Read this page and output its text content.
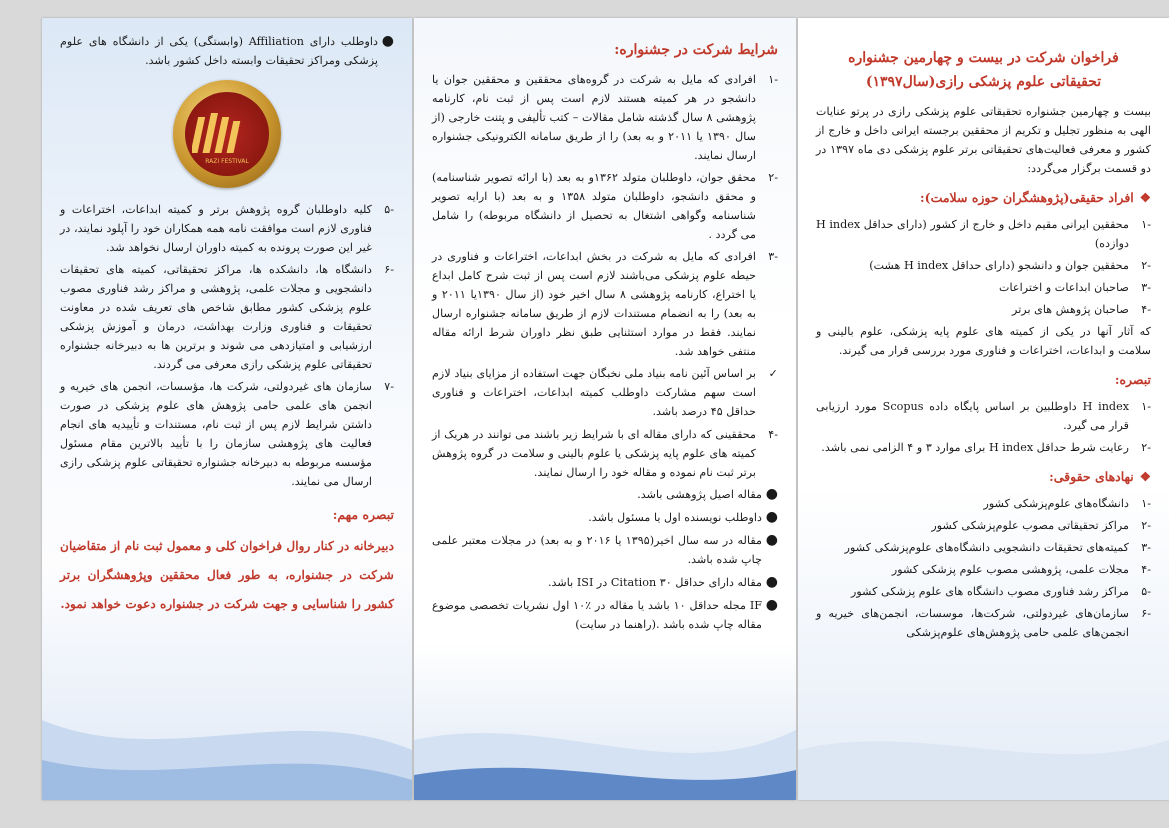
●
داوطلب دارای Affiliation (وابستگی) یکی از دانشگاه های علوم پزشکی ومراکز تحقیقات وابسته داخل کشور باشد.
RAZI FESTIVAL
-۵
کلیه داوطلبان گروه پژوهش برتر و کمیته ابداعات، اختراعات و فناوری لازم است موافقت نامه همه همکاران خود را آپلود نمایند، در غیر این صورت پرونده به کمیته داوران ارسال نخواهد شد.
-۶
دانشگاه ها، دانشکده ها، مراکز تحقیقاتی، کمیته های تحقیقات دانشجویی و مجلات علمی، پژوهشی و مراکز رشد فناوری مصوب علوم پزشکی کشور مطابق شاخص های تعریف شده در معاونت تحقیقات و فناوری وزارت بهداشت، درمان و آموزش پزشکی ارزشیابی و امتیازدهی می شوند و برترین ها به دبیرخانه جشنواره تحقیقاتی علوم پزشکی رازی معرفی می گردند.
-۷
سازمان های غیردولتی، شرکت ها، مؤسسات، انجمن های خیریه و انجمن های علمی حامی پژوهش های علوم پزشکی در صورت داشتن شرایط لازم پس از ثبت نام، مستندات و تأییدیه های انجام فعالیت های پژوهشی سازمان را با تأیید بالاترین مقام مسئول مؤسسه مربوطه به دبیرخانه جشنواره تحقیقاتی علوم پزشکی رازی ارسال می نمایند.
تبصره مهم:
دبیرخانه در کنار روال فراخوان کلی و معمول ثبت نام از متقاضیان شرکت در جشنواره، به طور فعال محققین وپژوهشگران برتر کشور را شناسایی و جهت شرکت در جشنواره دعوت خواهد نمود.
شرایط شرکت در جشنواره:
-۱
افرادی که مایل به شرکت در گروه‌های محققین و محققین جوان یا دانشجو در هر کمیته هستند لازم است پس از ثبت نام، کارنامه پژوهشی ۸ سال گذشته شامل مقالات – کتب تألیفی و پتنت خارجی (از سال ۱۳۹۰ یا ۲۰۱۱ و به بعد) را از طریق سامانه الکترونیکی جشنواره ارسال نمایند.
-۲
محقق جوان، داوطلبان متولد ۱۳۶۲و به بعد (با ارائه تصویر شناسنامه) و محقق دانشجو، داوطلبان متولد ۱۳۵۸ و به بعد (با ارایه تصویر شناسنامه وگواهی اشتغال به تحصیل از دانشگاه مربوطه) را شامل می گردد .
-۳
افرادی که مایل به شرکت در بخش ابداعات، اختراعات و فناوری در حیطه علوم پزشکی می‌باشند لازم است پس از ثبت شرح کامل ابداع یا اختراع، کارنامه پژوهشی ۸ سال اخیر خود (از سال ۱۳۹۰یا ۲۰۱۱ و به بعد) را به انضمام مستندات لازم از طریق سامانه جشنواره ارسال نمایند. فقط در موارد استثنایی طبق نظر داوران شرط ارائه مقاله منتفی خواهد شد.
✓
بر اساس آئین نامه بنیاد ملی نخبگان جهت استفاده از مزایای بنیاد لازم است سهم مشارکت داوطلب کمیته ابداعات، اختراعات و فناوری حداقل ۴۵ درصد باشد.
-۴
محققینی که دارای مقاله ای با شرایط زیر باشند می توانند در هریک از کمیته های علوم پایه پزشکی یا علوم بالینی و سلامت در گروه پژوهش برتر ثبت نام نموده و مقاله خود را ارسال نمایند.
●
مقاله اصیل پژوهشی باشد.
●
داوطلب نویسنده اول یا مسئول باشد.
●
مقاله در سه سال اخیر(۱۳۹۵ یا ۲۰۱۶ و به بعد) در مجلات معتبر علمی چاپ شده باشد.
●
مقاله دارای حداقل Citation ۳۰ در ISI باشد.
●
IF مجله حداقل ۱۰ باشد یا مقاله در ٪۱۰ اول نشریات تخصصی موضوع مقاله چاپ شده باشد .(راهنما در سایت)
فراخوان شرکت در بیست و چهارمین جشنواره
تحقیقاتی علوم پزشکی رازی(سال۱۳۹۷)

بیست و چهارمین جشنواره تحقیقاتی علوم پزشکی رازی در پرتو عنایات الهی به منظور تجلیل و تکریم از محققین برجسته ایرانی داخل و خارج از کشور و معرفی فعالیت‌های تحقیقاتی برتر علوم پزشکی دی ماه ۱۳۹۷ در دو قسمت برگزار می‌گردد:

❖افراد حقیقی(پژوهشگران حوزه سلامت):
-۱
محققین ایرانی مقیم داخل و خارج از کشور (دارای حداقل H index دوازده)
-۲
محققین جوان و دانشجو (دارای حداقل H index هشت)
-۳
صاحبان ابداعات و اختراعات
-۴
صاحبان پژوهش های برتر

که آثار آنها در یکی از کمیته های علوم پایه پزشکی، علوم بالینی و سلامت و ابداعات، اختراعات و فناوری مورد بررسی قرار می گیرند.

تبصره:
-۱
H index داوطلبین بر اساس پایگاه داده Scopus مورد ارزیابی قرار می گیرد.
-۲
رعایت شرط حداقل H index برای موارد ۳ و ۴ الزامی نمی باشد.
❖نهادهای حقوقی:
-۱
دانشگاه‌های علوم‌پزشکی کشور
-۲
مراکز تحقیقاتی مصوب علوم‌پزشکی کشور
-۳
کمیته‌های تحقیقات دانشجویی دانشگاه‌های علوم‌پزشکی کشور
-۴
مجلات علمی، پژوهشی مصوب علوم پزشکی کشور
-۵
مراکز رشد فناوری مصوب دانشگاه های علوم پزشکی کشور
-۶
سازمان‌های غیردولتی، شرکت‌ها، موسسات، انجمن‌های خیریه و انجمن‌های علمی حامی پژوهش‌های علوم‌پزشکی
